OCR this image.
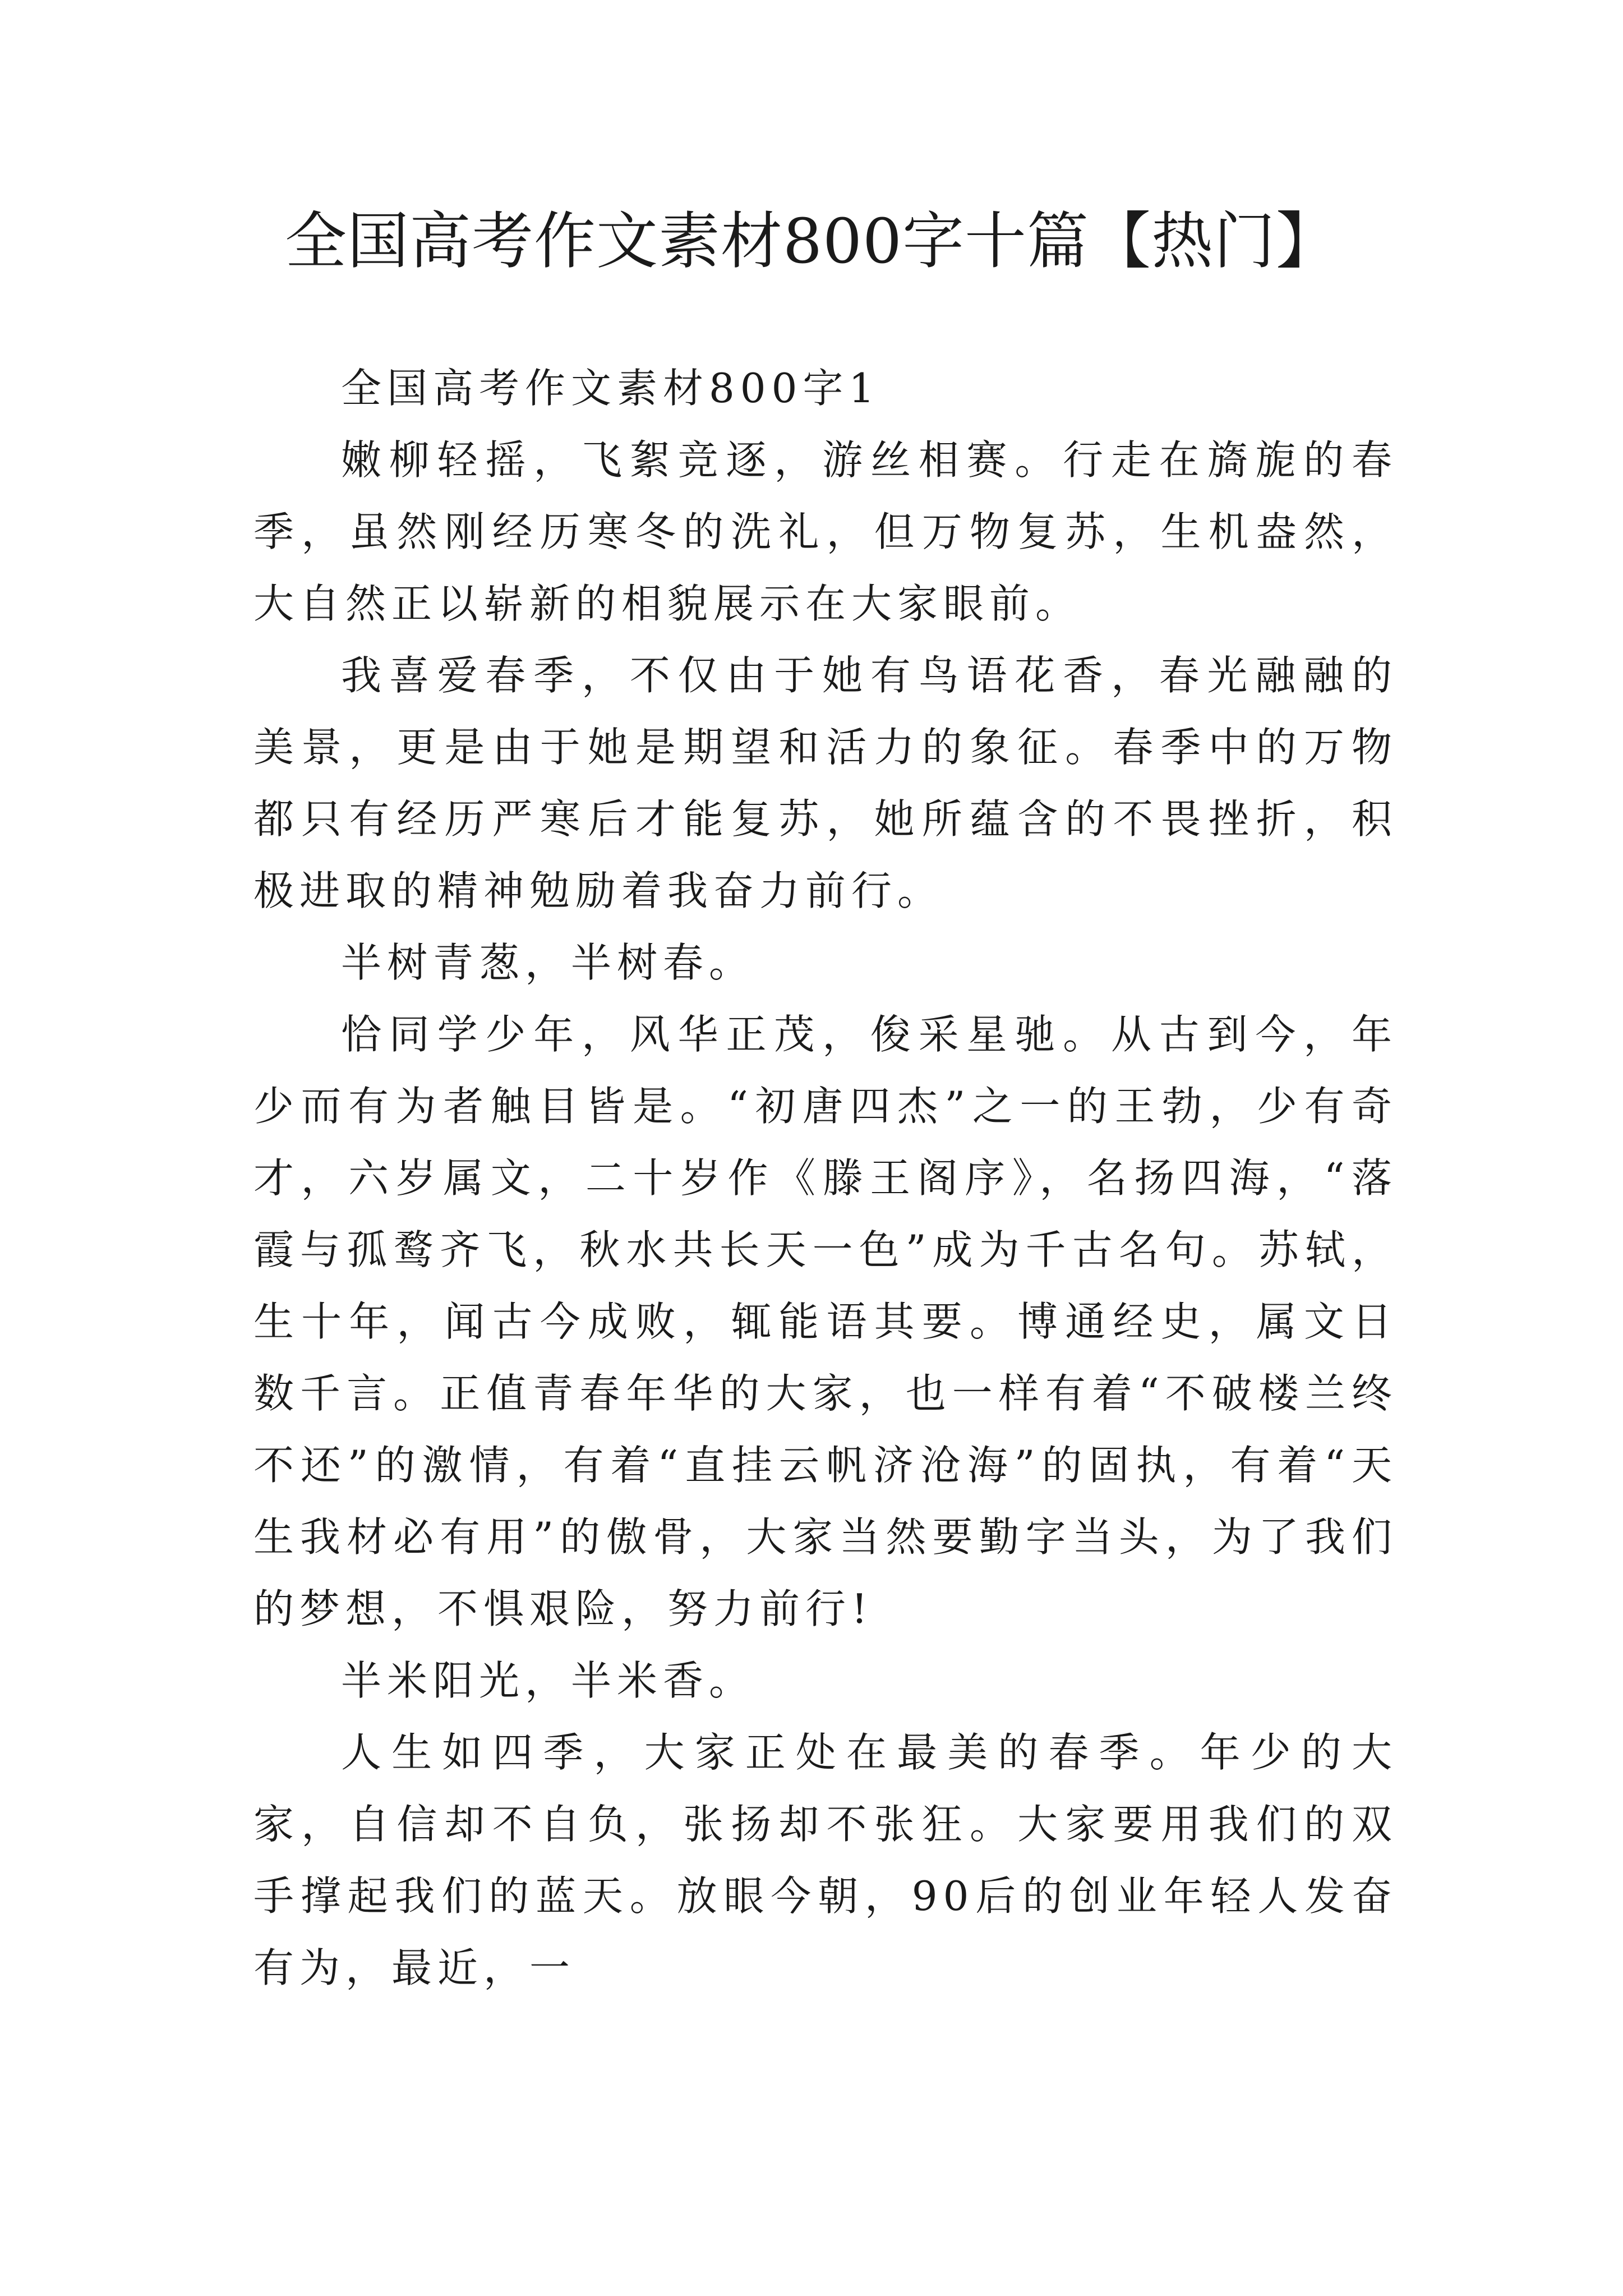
全国高考作文素材800字十篇【热门】

全国高考作文素材800字1

嫩柳轻摇，飞絮竞逐，游丝相赛。行走在旖旎的春季，虽然刚经历寒冬的洗礼，但万物复苏，生机盎然，大自然正以崭新的相貌展示在大家眼前。

我喜爱春季，不仅由于她有鸟语花香，春光融融的美景，更是由于她是期望和活力的象征。春季中的万物都只有经历严寒后才能复苏，她所蕴含的不畏挫折，积极进取的精神勉励着我奋力前行。

半树青葱，半树春。

恰同学少年，风华正茂，俊采星驰。从古到今，年少而有为者触目皆是。“初唐四杰”之一的王勃，少有奇才，六岁属文，二十岁作《滕王阁序》，名扬四海，“落霞与孤鹜齐飞，秋水共长天一色”成为千古名句。苏轼，生十年，闻古今成败，辄能语其要。博通经史，属文日数千言。正值青春年华的大家，也一样有着“不破楼兰终不还”的激情，有着“直挂云帆济沧海”的固执，有着“天生我材必有用”的傲骨，大家当然要勤字当头，为了我们的梦想，不惧艰险，努力前行!

半米阳光，半米香。

人生如四季，大家正处在最美的春季。年少的大家，自信却不自负，张扬却不张狂。大家要用我们的双手撑起我们的蓝天。放眼今朝，90后的创业年轻人发奋有为，最近，一
